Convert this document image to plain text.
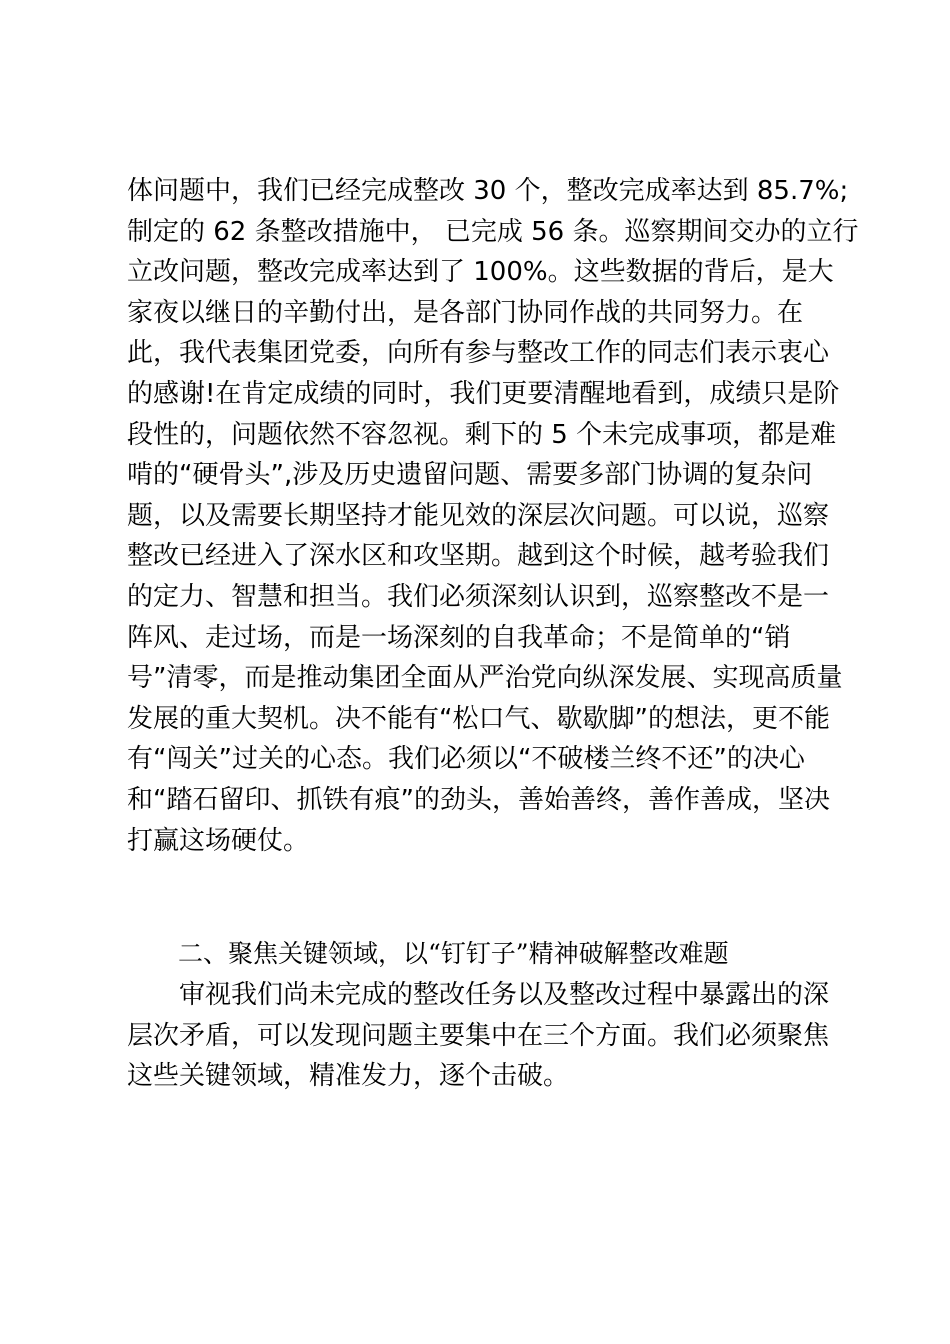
体问题中，我们已经完成整改 30 个，整改完成率达到 85.7%;
制定的 62 条整改措施中， 已完成 56 条。巡察期间交办的立行
立改问题，整改完成率达到了 100%。这些数据的背后，是大
家夜以继日的辛勤付出，是各部门协同作战的共同努力。在
此，我代表集团党委，向所有参与整改工作的同志们表示衷心
的感谢!在肯定成绩的同时，我们更要清醒地看到，成绩只是阶
段性的，问题依然不容忽视。剩下的 5 个未完成事项，都是难
啃的“硬骨头”,涉及历史遗留问题、需要多部门协调的复杂问
题，以及需要长期坚持才能见效的深层次问题。可以说，巡察
整改已经进入了深水区和攻坚期。越到这个时候，越考验我们
的定力、智慧和担当。我们必须深刻认识到，巡察整改不是一
阵风、走过场，而是一场深刻的自我革命；不是简单的“销
号”清零，而是推动集团全面从严治党向纵深发展、实现高质量
发展的重大契机。决不能有“松口气、歇歇脚”的想法，更不能
有“闯关”过关的心态。我们必须以“不破楼兰终不还”的决心
和“踏石留印、抓铁有痕”的劲头，善始善终，善作善成，坚决
打赢这场硬仗。
二、聚焦关键领域，以“钉钉子”精神破解整改难题
审视我们尚未完成的整改任务以及整改过程中暴露出的深
层次矛盾，可以发现问题主要集中在三个方面。我们必须聚焦
这些关键领域，精准发力，逐个击破。
